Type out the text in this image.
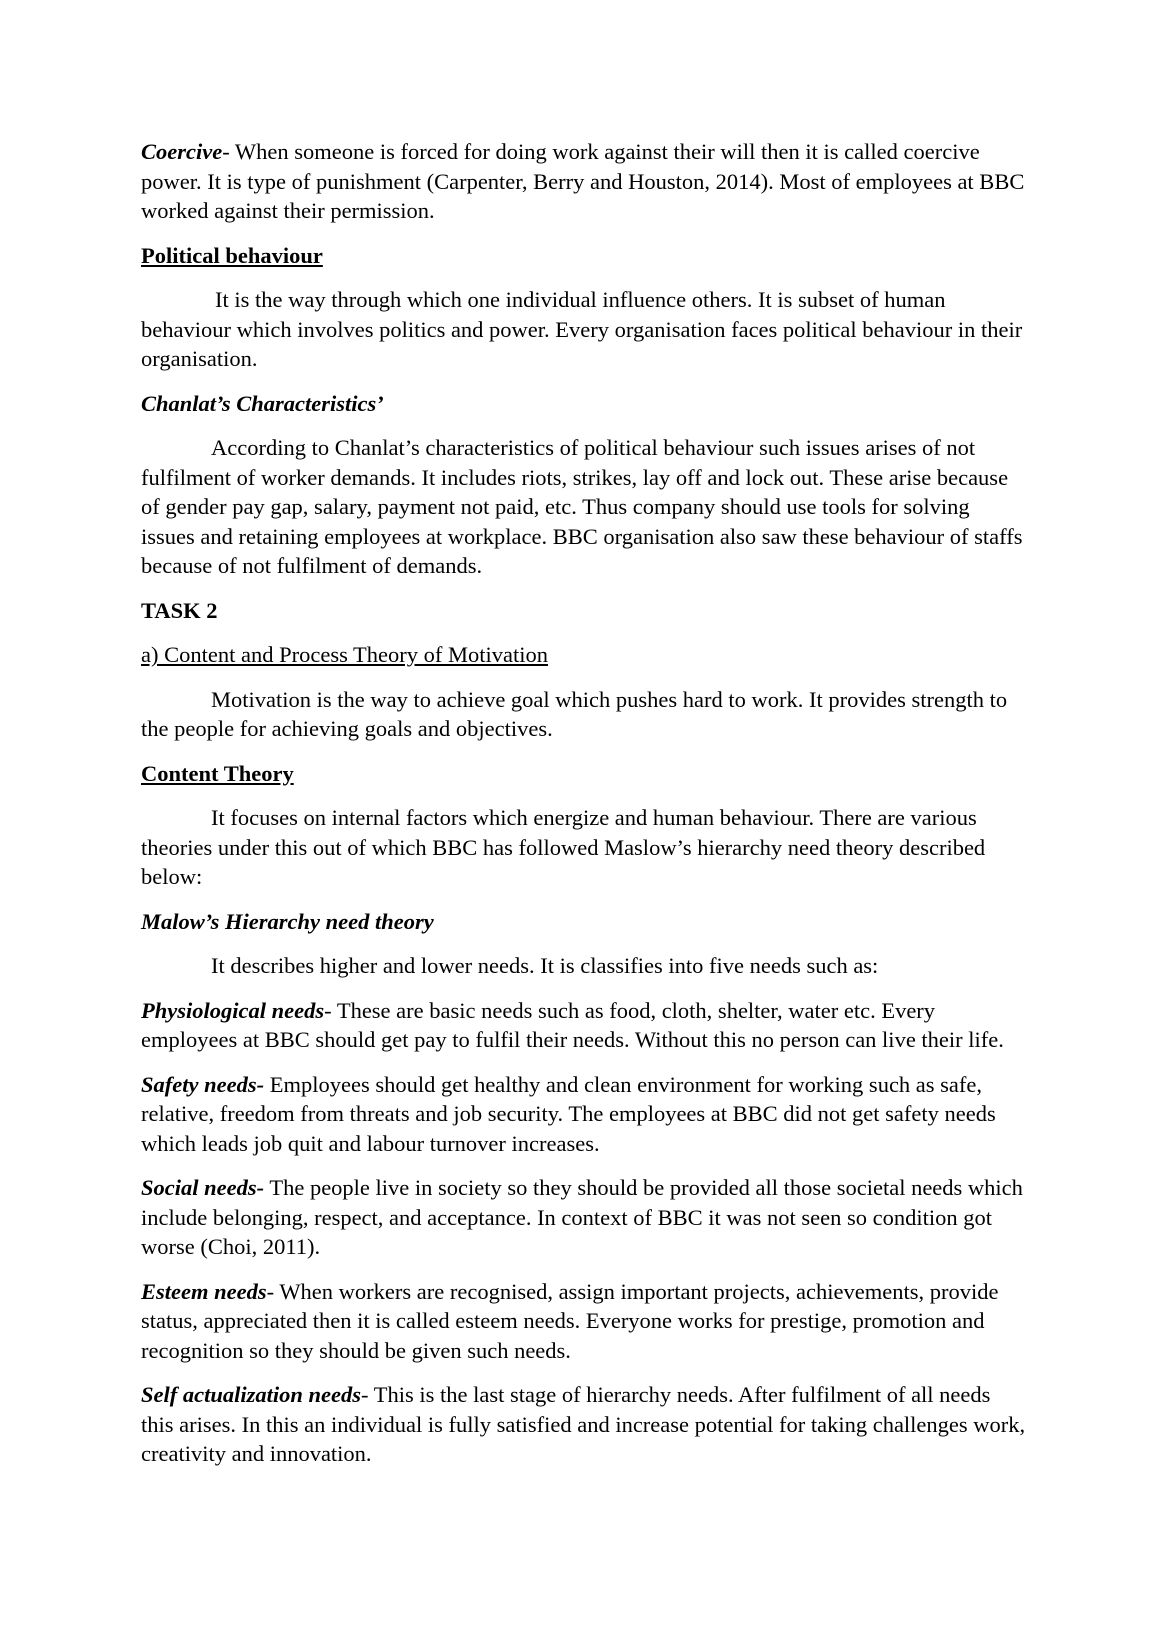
Coercive- When someone is forced for doing work against their will then it is called coercive power. It is type of punishment (Carpenter, Berry and Houston, 2014). Most of employees at BBC worked against their permission.

Political behaviour

It is the way through which one individual influence others. It is subset of human behaviour which involves politics and power. Every organisation faces political behaviour in their organisation.

Chanlat’s Characteristics’

According to Chanlat’s characteristics of political behaviour such issues arises of not fulfilment of worker demands. It includes riots, strikes, lay off and lock out. These arise because of gender pay gap, salary, payment not paid, etc. Thus company should use tools for solving issues and retaining employees at workplace. BBC organisation also saw these behaviour of staffs because of not fulfilment of demands.

TASK 2

a) Content and Process Theory of Motivation

Motivation is the way to achieve goal which pushes hard to work. It provides strength to the people for achieving goals and objectives.

Content Theory

It focuses on internal factors which energize and human behaviour. There are various theories under this out of which BBC has followed Maslow’s hierarchy need theory described below:

Malow’s Hierarchy need theory

It describes higher and lower needs. It is classifies into five needs such as:

Physiological needs- These are basic needs such as food, cloth, shelter, water etc. Every employees at BBC should get pay to fulfil their needs. Without this no person can live their life.

Safety needs- Employees should get healthy and clean environment for working such as safe, relative, freedom from threats and job security. The employees at BBC did not get safety needs which leads job quit and labour turnover increases.

Social needs- The people live in society so they should be provided all those societal needs which include belonging, respect, and acceptance. In context of BBC it was not seen so condition got worse (Choi, 2011).

Esteem needs- When workers are recognised, assign important projects, achievements, provide status, appreciated then it is called esteem needs. Everyone works for prestige, promotion and recognition so they should be given such needs.

Self actualization needs- This is the last stage of hierarchy needs. After fulfilment of all needs this arises. In this an individual is fully satisfied and increase potential for taking challenges work, creativity and innovation.
